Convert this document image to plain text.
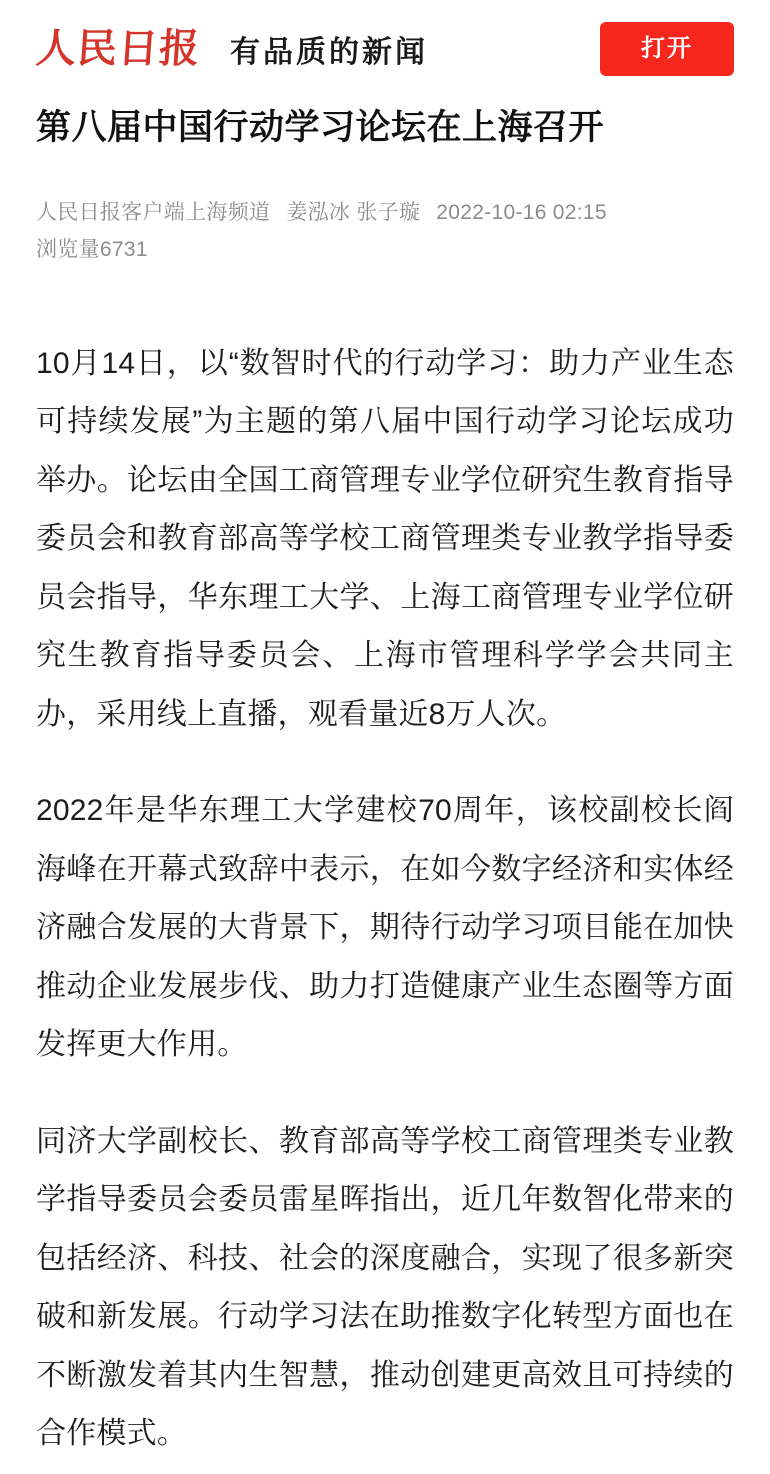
人民日报 有品质的新闻	打开
第八届中国行动学习论坛在上海召开
人民日报客户端上海频道 姜泓冰 张子璇 2022-10-16 02:15
浏览量6731

10月14日，以“数智时代的行动学习：助力产业生态可持续发展”为主题的第八届中国行动学习论坛成功举办。论坛由全国工商管理专业学位研究生教育指导委员会和教育部高等学校工商管理类专业教学指导委员会指导，华东理工大学、上海工商管理专业学位研究生教育指导委员会、上海市管理科学学会共同主办，采用线上直播，观看量近8万人次。

2022年是华东理工大学建校70周年，该校副校长阎海峰在开幕式致辞中表示，在如今数字经济和实体经济融合发展的大背景下，期待行动学习项目能在加快推动企业发展步伐、助力打造健康产业生态圈等方面发挥更大作用。

同济大学副校长、教育部高等学校工商管理类专业教学指导委员会委员雷星晖指出，近几年数智化带来的包括经济、科技、社会的深度融合，实现了很多新突破和新发展。行动学习法在助推数字化转型方面也在不断激发着其内生智慧，推动创建更高效且可持续的合作模式。
